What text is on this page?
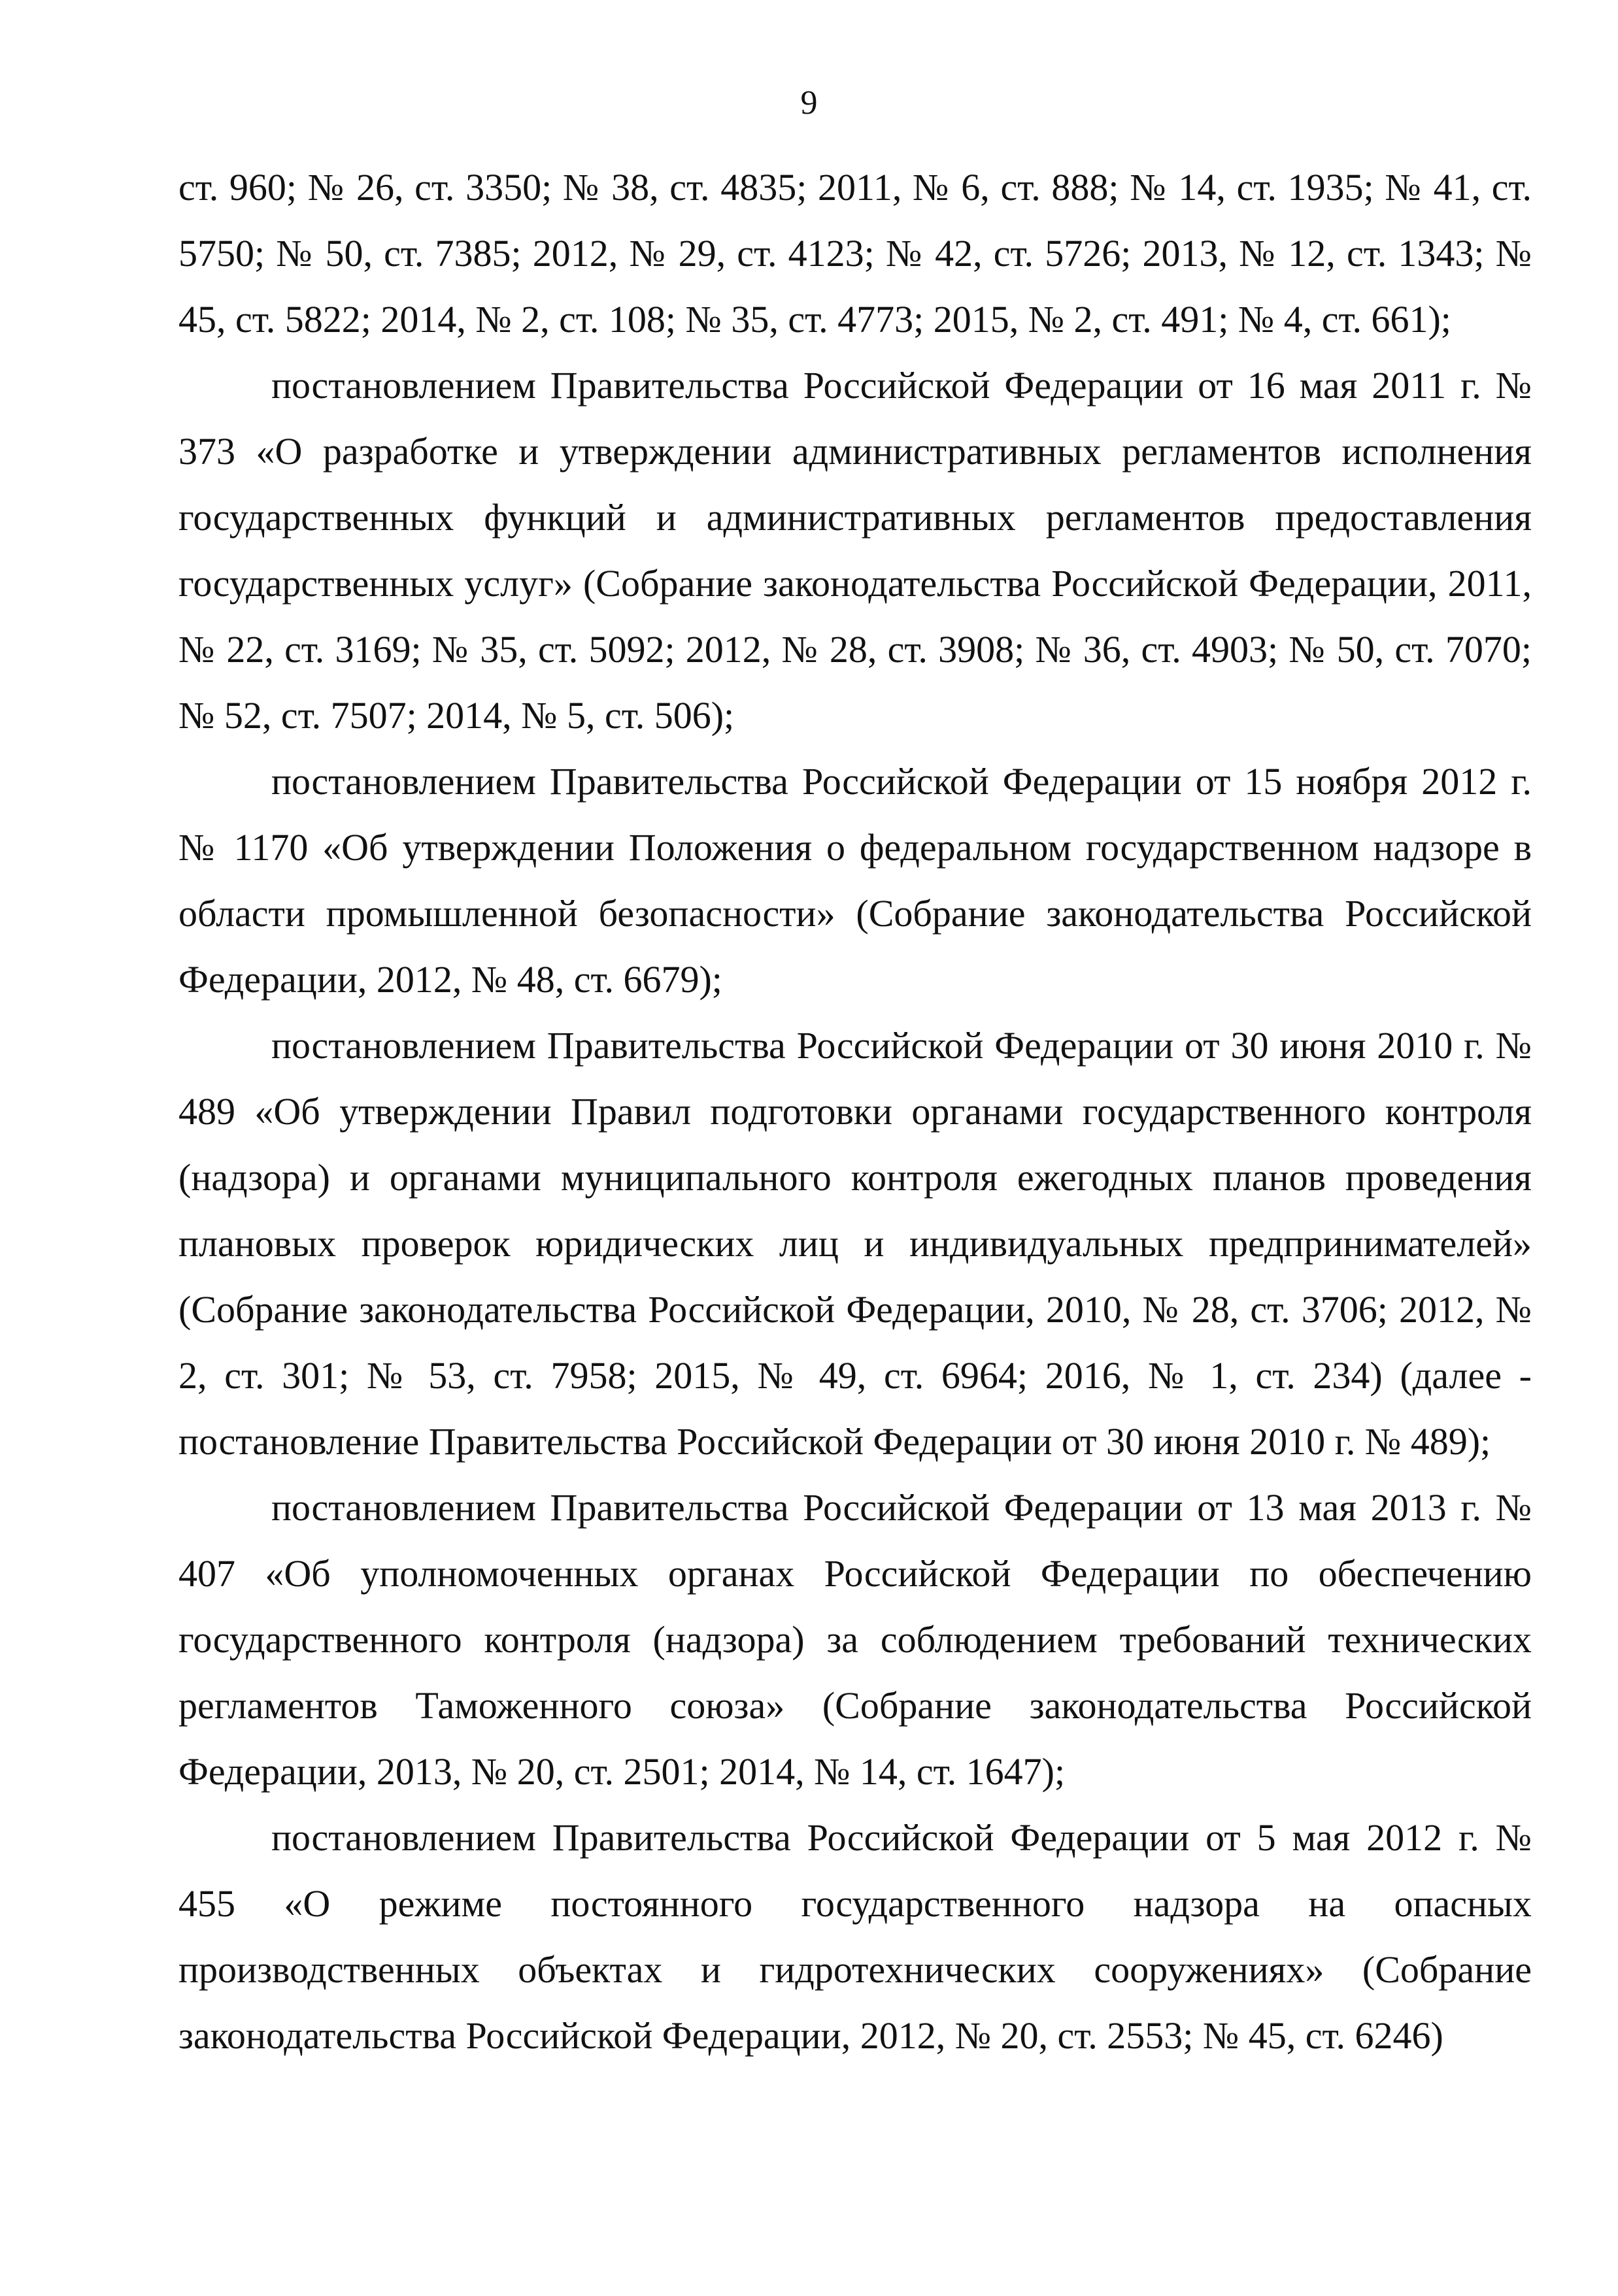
9

ст. 960; № 26, ст. 3350; № 38, ст. 4835; 2011, № 6, ст. 888; № 14, ст. 1935; № 41, ст. 5750; № 50, ст. 7385; 2012, № 29, ст. 4123; № 42, ст. 5726; 2013, № 12, ст. 1343; № 45, ст. 5822; 2014, № 2, ст. 108; № 35, ст. 4773; 2015, № 2, ст. 491; № 4, ст. 661);

постановлением Правительства Российской Федерации от 16 мая 2011 г. № 373 «О разработке и утверждении административных регламентов исполнения государственных функций и административных регламентов предоставления государственных услуг» (Собрание законодательства Российской Федерации, 2011, № 22, ст. 3169; № 35, ст. 5092; 2012, № 28, ст. 3908; № 36, ст. 4903; № 50, ст. 7070; № 52, ст. 7507; 2014, № 5, ст. 506);

постановлением Правительства Российской Федерации от 15 ноября 2012 г. № 1170 «Об утверждении Положения о федеральном государственном надзоре в области промышленной безопасности» (Собрание законодательства Российской Федерации, 2012, № 48, ст. 6679);

постановлением Правительства Российской Федерации от 30 июня 2010 г. № 489 «Об утверждении Правил подготовки органами государственного контроля (надзора) и органами муниципального контроля ежегодных планов проведения плановых проверок юридических лиц и индивидуальных предпринимателей» (Собрание законодательства Российской Федерации, 2010, № 28, ст. 3706; 2012, № 2, ст. 301; № 53, ст. 7958; 2015, № 49, ст. 6964; 2016, № 1, ст. 234) (далее - постановление Правительства Российской Федерации от 30 июня 2010 г. № 489);

постановлением Правительства Российской Федерации от 13 мая 2013 г. № 407 «Об уполномоченных органах Российской Федерации по обеспечению государственного контроля (надзора) за соблюдением требований технических регламентов Таможенного союза» (Собрание законодательства Российской Федерации, 2013, № 20, ст. 2501; 2014, № 14, ст. 1647);

постановлением Правительства Российской Федерации от 5 мая 2012 г. № 455 «О режиме постоянного государственного надзора на опасных производственных объектах и гидротехнических сооружениях» (Собрание законодательства Российской Федерации, 2012, № 20, ст. 2553; № 45, ст. 6246)
